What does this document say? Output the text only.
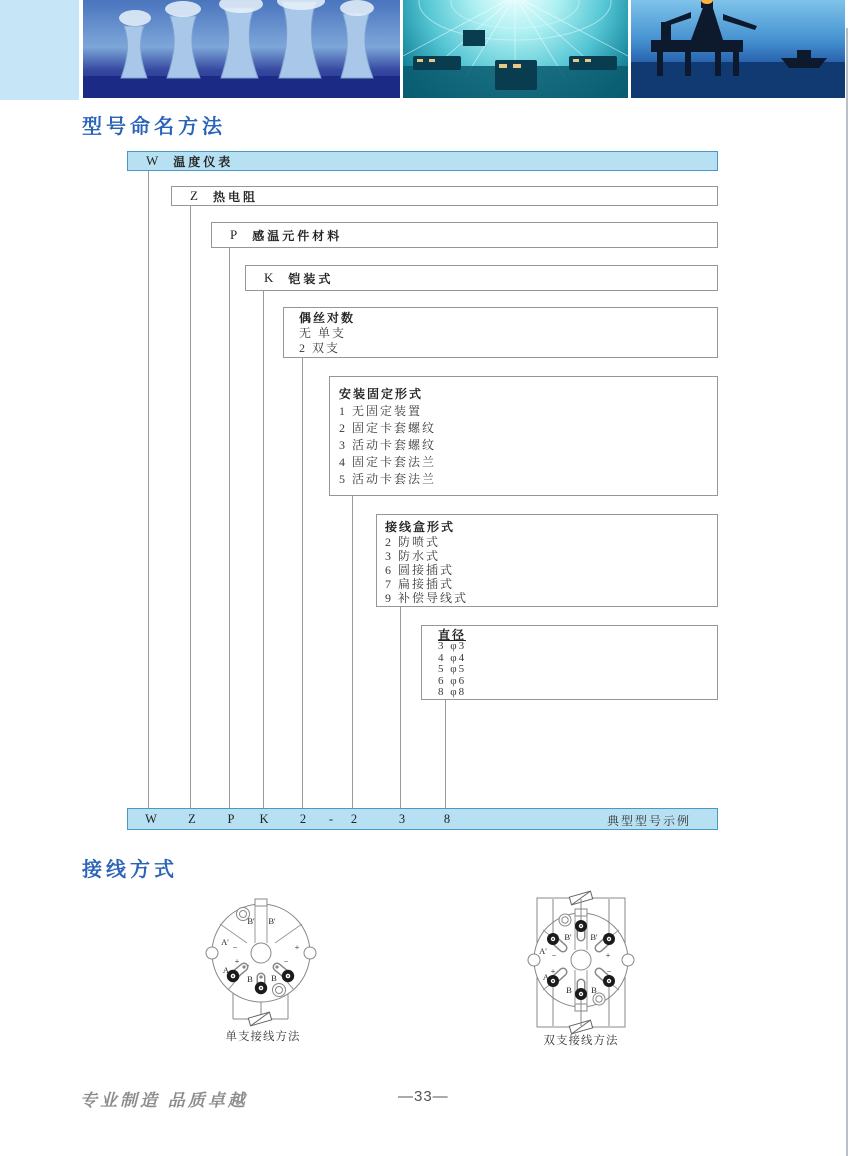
型号命名方法
W 温度仪表
Z 热电阻
P 感温元件材料
K 铠装式
偶丝对数
无 单支
2 双支
安装固定形式
1 无固定装置
2 固定卡套螺纹
3 活动卡套螺纹
4 固定卡套法兰
5 活动卡套法兰
接线盒形式
2 防喷式
3 防水式
6 圆接插式
7 扁接插式
9 补偿导线式
直径
3 φ3
4 φ4
5 φ5
6 φ6
8 φ8
W	Z	P K	2 - 2	3	8	典型型号示例
接线方式
B' B'
A' −	+
+	−
A
B B
单支接线方法
B' B'
A' −	+
+	−
A
B B
双支接线方法
专业制造 品质卓越	—33—
